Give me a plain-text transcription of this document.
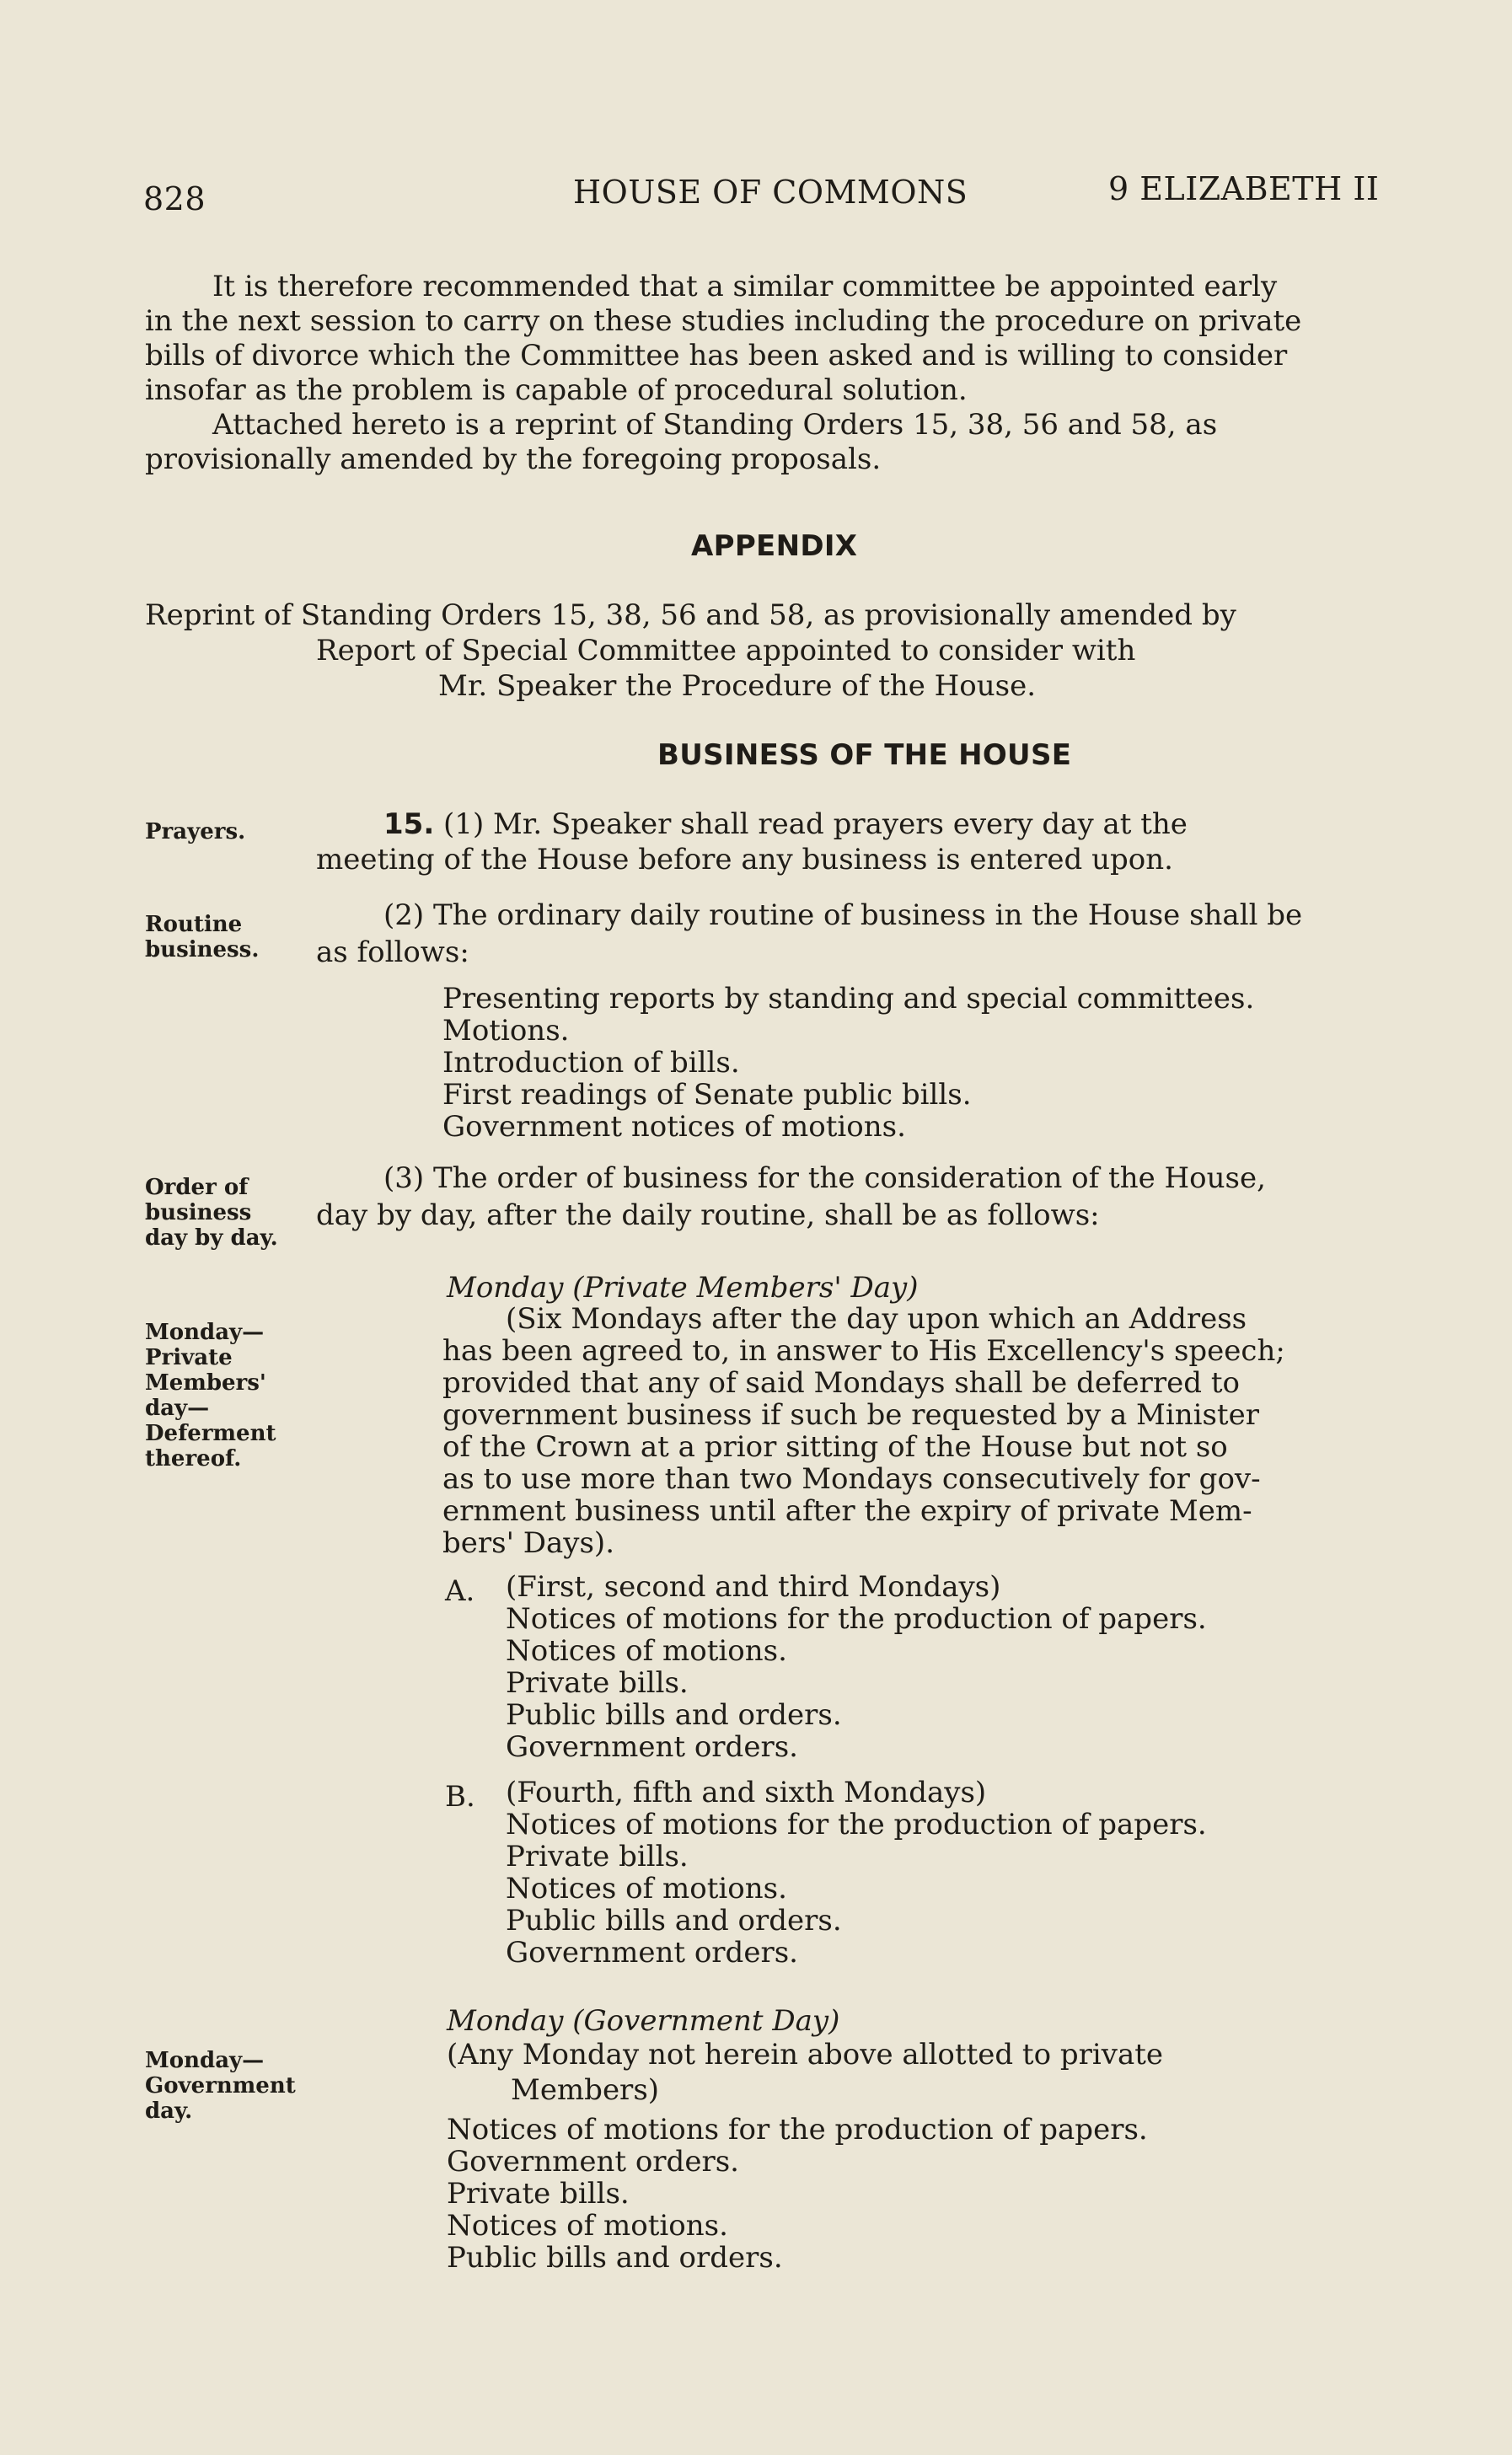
828	HOUSE OF COMMONS	9 ELIZABETH II
It is therefore recommended that a similar committee be appointed early
in the next session to carry on these studies including the procedure on private
bills of divorce which the Committee has been asked and is willing to consider
insofar as the problem is capable of procedural solution.
Attached hereto is a reprint of Standing Orders 15, 38, 56 and 58, as
provisionally amended by the foregoing proposals.
APPENDIX
Reprint of Standing Orders 15, 38, 56 and 58, as provisionally amended by
Report of Special Committee appointed to consider with
Mr. Speaker the Procedure of the House.
BUSINESS OF THE HOUSE
Prayers.
Routine
business.
Order of
business
day by day.
Monday—
Private
Members'
day—
Deferment
thereof.
Monday—
Government
day.
15. (1) Mr. Speaker shall read prayers every day at the
meeting of the House before any business is entered upon.
(2) The ordinary daily routine of business in the House shall be
as follows:
Presenting reports by standing and special committees.
Motions.
Introduction of bills.
First readings of Senate public bills.
Government notices of motions.
(3) The order of business for the consideration of the House,
day by day, after the daily routine, shall be as follows:
Monday (Private Members' Day)
(Six Mondays after the day upon which an Address
has been agreed to, in answer to His Excellency's speech;
provided that any of said Mondays shall be deferred to
government business if such be requested by a Minister
of the Crown at a prior sitting of the House but not so
as to use more than two Mondays consecutively for gov-
ernment business until after the expiry of private Mem-
bers' Days).
A. (First, second and third Mondays)
Notices of motions for the production of papers.
Notices of motions.
Private bills.
Public bills and orders.
Government orders.
B. (Fourth, fifth and sixth Mondays)
Notices of motions for the production of papers.
Private bills.
Notices of motions.
Public bills and orders.
Government orders.
Monday (Government Day)
(Any Monday not herein above allotted to private
Members)
Notices of motions for the production of papers.
Government orders.
Private bills.
Notices of motions.
Public bills and orders.
